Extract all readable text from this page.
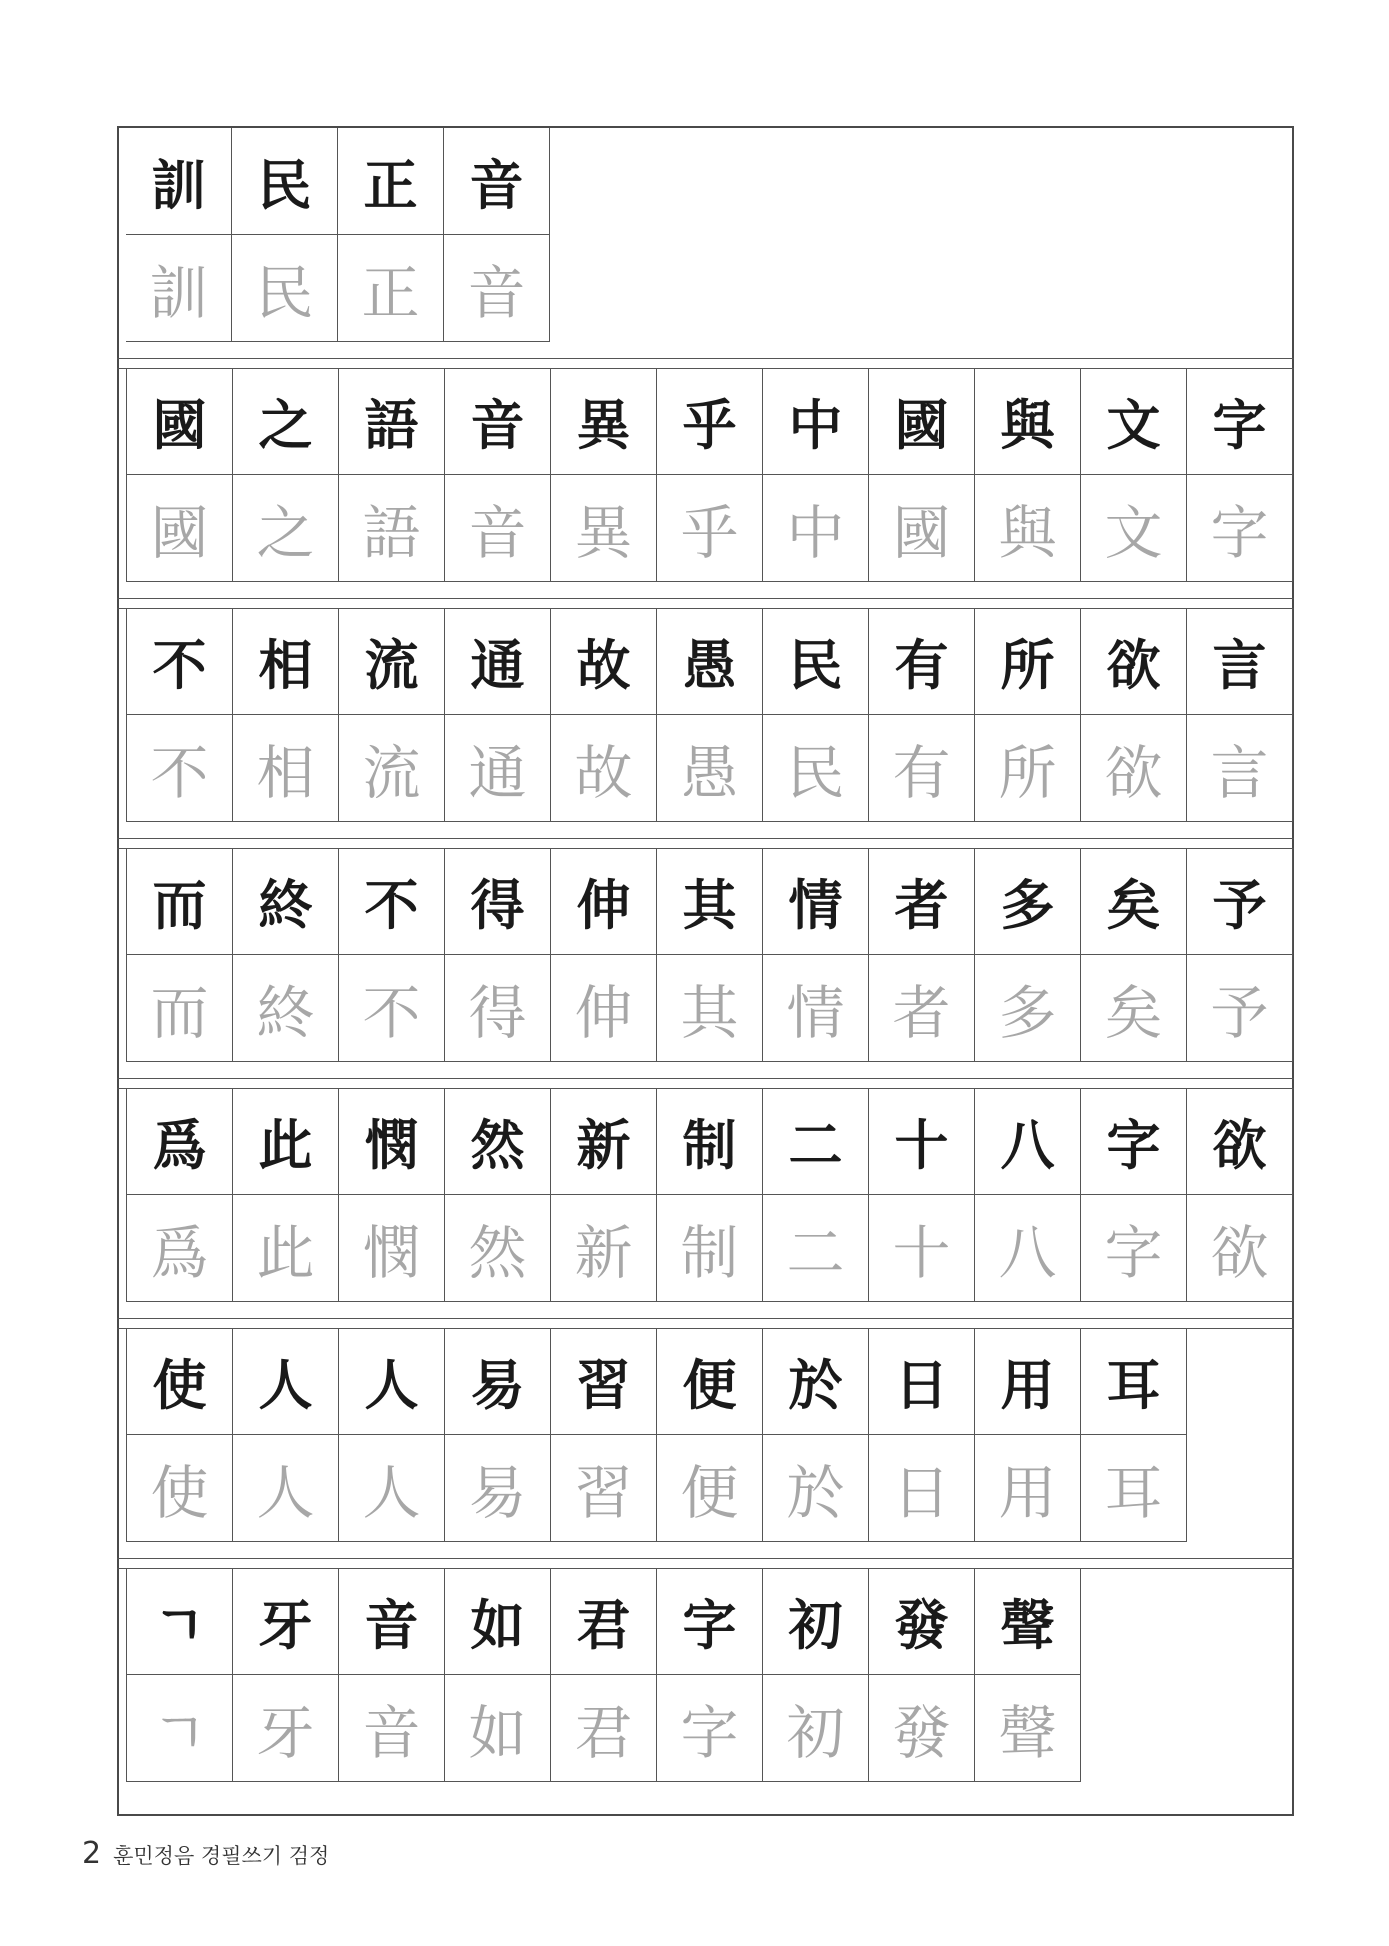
訓
訓
民
民
正
正
音
音
國
國
之
之
語
語
音
音
異
異
乎
乎
中
中
國
國
與
與
文
文
字
字
不
不
相
相
流
流
通
通
故
故
愚
愚
民
民
有
有
所
所
欲
欲
言
言
而
而
終
終
不
不
得
得
伸
伸
其
其
情
情
者
者
多
多
矣
矣
予
予
爲
爲
此
此
憫
憫
然
然
新
新
制
制
二
二
十
十
八
八
字
字
欲
欲
使
使
人
人
人
人
易
易
習
習
便
便
於
於
日
日
用
用
耳
耳
ㄱ
ㄱ
牙
牙
音
音
如
如
君
君
字
字
初
初
發
發
聲
聲
2 훈민정음 경필쓰기 검정
